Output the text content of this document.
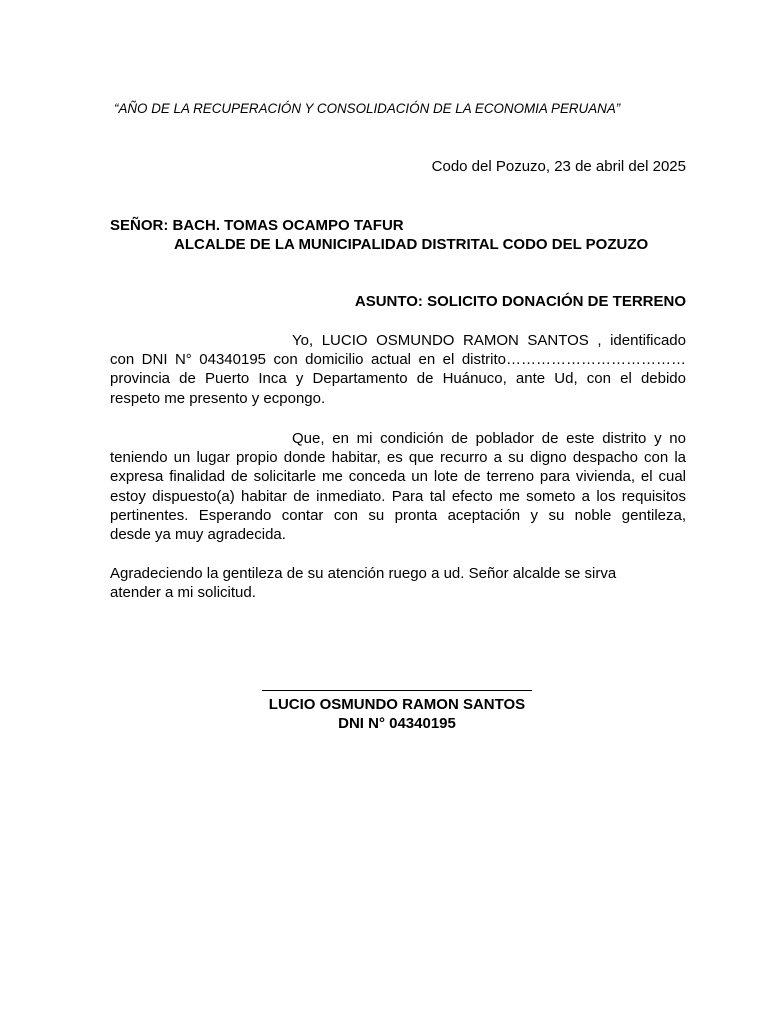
“AÑO DE LA RECUPERACIÓN Y CONSOLIDACIÓN DE LA ECONOMIA PERUANA”
Codo del Pozuzo, 23 de abril del 2025
SEÑOR: BACH. TOMAS OCAMPO TAFUR
ALCALDE DE LA MUNICIPALIDAD DISTRITAL CODO DEL POZUZO
ASUNTO: SOLICITO DONACIÓN DE TERRENO
Yo, LUCIO OSMUNDO RAMON SANTOS , identificado
con DNI N° 04340195 con domicilio actual en el distrito………………………………
provincia de Puerto Inca y Departamento de Huánuco, ante Ud, con el debido
respeto me presento y ecpongo.
Que, en mi condición de poblador de este distrito y no
teniendo un lugar propio donde habitar, es que recurro a su digno despacho con la
expresa finalidad de solicitarle me conceda un lote de terreno para vivienda, el cual
estoy dispuesto(a) habitar de inmediato. Para tal efecto me someto a los requisitos
pertinentes. Esperando contar con su pronta aceptación y su noble gentileza,
desde ya muy agradecida.
Agradeciendo la gentileza de su atención ruego a ud. Señor alcalde se sirva
atender a mi solicitud.
LUCIO OSMUNDO RAMON SANTOS
DNI N° 04340195
